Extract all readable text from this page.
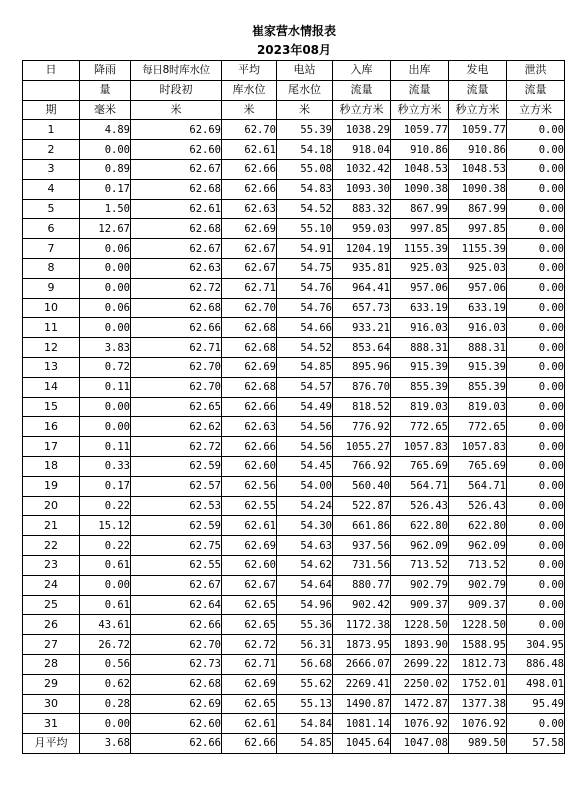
崔家营水情报表
2023年08月
日	降雨	每日8时库水位	平均	电站	入库	出库	发电	泄洪
	量	时段初	库水位	尾水位	流量	流量	流量	流量
期	毫米	米	米	米	秒立方米	秒立方米	秒立方米	立方米
1	4.89	62.69	62.70	55.39	1038.29	1059.77	1059.77	0.00
2	0.00	62.60	62.61	54.18	918.04	910.86	910.86	0.00
3	0.89	62.67	62.66	55.08	1032.42	1048.53	1048.53	0.00
4	0.17	62.68	62.66	54.83	1093.30	1090.38	1090.38	0.00
5	1.50	62.61	62.63	54.52	883.32	867.99	867.99	0.00
6	12.67	62.68	62.69	55.10	959.03	997.85	997.85	0.00
7	0.06	62.67	62.67	54.91	1204.19	1155.39	1155.39	0.00
8	0.00	62.63	62.67	54.75	935.81	925.03	925.03	0.00
9	0.00	62.72	62.71	54.76	964.41	957.06	957.06	0.00
10	0.06	62.68	62.70	54.76	657.73	633.19	633.19	0.00
11	0.00	62.66	62.68	54.66	933.21	916.03	916.03	0.00
12	3.83	62.71	62.68	54.52	853.64	888.31	888.31	0.00
13	0.72	62.70	62.69	54.85	895.96	915.39	915.39	0.00
14	0.11	62.70	62.68	54.57	876.70	855.39	855.39	0.00
15	0.00	62.65	62.66	54.49	818.52	819.03	819.03	0.00
16	0.00	62.62	62.63	54.56	776.92	772.65	772.65	0.00
17	0.11	62.72	62.66	54.56	1055.27	1057.83	1057.83	0.00
18	0.33	62.59	62.60	54.45	766.92	765.69	765.69	0.00
19	0.17	62.57	62.56	54.00	560.40	564.71	564.71	0.00
20	0.22	62.53	62.55	54.24	522.87	526.43	526.43	0.00
21	15.12	62.59	62.61	54.30	661.86	622.80	622.80	0.00
22	0.22	62.75	62.69	54.63	937.56	962.09	962.09	0.00
23	0.61	62.55	62.60	54.62	731.56	713.52	713.52	0.00
24	0.00	62.67	62.67	54.64	880.77	902.79	902.79	0.00
25	0.61	62.64	62.65	54.96	902.42	909.37	909.37	0.00
26	43.61	62.66	62.65	55.36	1172.38	1228.50	1228.50	0.00
27	26.72	62.70	62.72	56.31	1873.95	1893.90	1588.95	304.95
28	0.56	62.73	62.71	56.68	2666.07	2699.22	1812.73	886.48
29	0.62	62.68	62.69	55.62	2269.41	2250.02	1752.01	498.01
30	0.28	62.69	62.65	55.13	1490.87	1472.87	1377.38	95.49
31	0.00	62.60	62.61	54.84	1081.14	1076.92	1076.92	0.00
月平均	3.68	62.66	62.66	54.85	1045.64	1047.08	989.50	57.58
